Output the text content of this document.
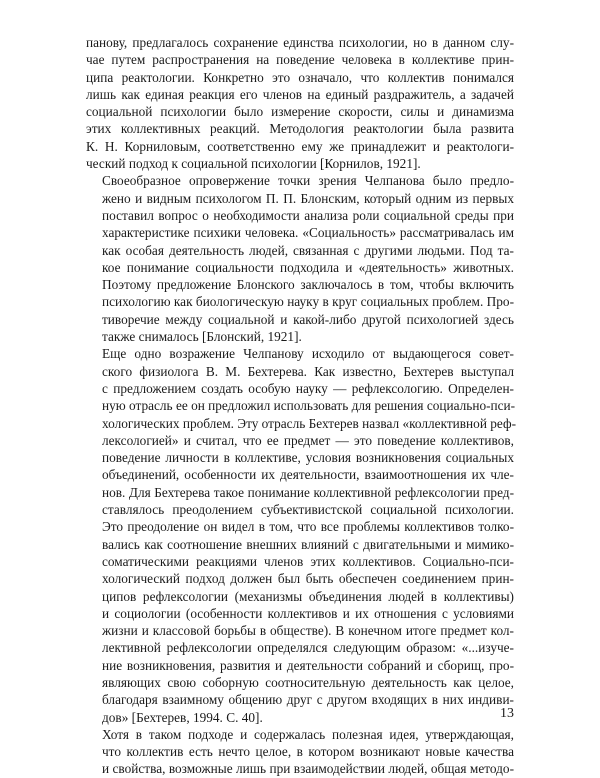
панову, предлагалось сохранение единства психологии, но в данном слу-
чае путем распространения на поведение человека в коллективе прин-
ципа реактологии. Конкретно это означало, что коллектив понимался
лишь как единая реакция его членов на единый раздражитель, а задачей
социальной психологии было измерение скорости, силы и динамизма
этих коллективных реакций. Методология реактологии была развита
К. Н. Корниловым, соответственно ему же принадлежит и реактологи-
ческий подход к социальной психологии [Корнилов, 1921].

Своеобразное опровержение точки зрения Челпанова было предло-
жено и видным психологом П. П. Блонским, который одним из первых
поставил вопрос о необходимости анализа роли социальной среды при
характеристике психики человека. «Социальность» рассматривалась им
как особая деятельность людей, связанная с другими людьми. Под та-
кое понимание социальности подходила и «деятельность» животных.
Поэтому предложение Блонского заключалось в том, чтобы включить
психологию как биологическую науку в круг социальных проблем. Про-
тиворечие между социальной и какой-либо другой психологией здесь
также снималось [Блонский, 1921].

Еще одно возражение Челпанову исходило от выдающегося совет-
ского физиолога В. М. Бехтерева. Как известно, Бехтерев выступал
с предложением создать особую науку — рефлексологию. Определен-
ную отрасль ее он предложил использовать для решения социально-пси-
хологических проблем. Эту отрасль Бехтерев назвал «коллективной реф-
лексологией» и считал, что ее предмет — это поведение коллективов,
поведение личности в коллективе, условия возникновения социальных
объединений, особенности их деятельности, взаимоотношения их чле-
нов. Для Бехтерева такое понимание коллективной рефлексологии пред-
ставлялось преодолением субъективистской социальной психологии.
Это преодоление он видел в том, что все проблемы коллективов толко-
вались как соотношение внешних влияний с двигательными и мимико-
соматическими реакциями членов этих коллективов. Социально-пси-
хологический подход должен был быть обеспечен соединением прин-
ципов рефлексологии (механизмы объединения людей в коллективы)
и социологии (особенности коллективов и их отношения с условиями
жизни и классовой борьбы в обществе). В конечном итоге предмет кол-
лективной рефлексологии определялся следующим образом: «...изуче-
ние возникновения, развития и деятельности собраний и сборищ, про-
являющих свою соборную соотносительную деятельность как целое,
благодаря взаимному общению друг с другом входящих в них индиви-
дов» [Бехтерев, 1994. С. 40].

Хотя в таком подходе и содержалась полезная идея, утверждающая,
что коллектив есть нечто целое, в котором возникают новые качества
и свойства, возможные лишь при взаимодействии людей, общая методо-

13
